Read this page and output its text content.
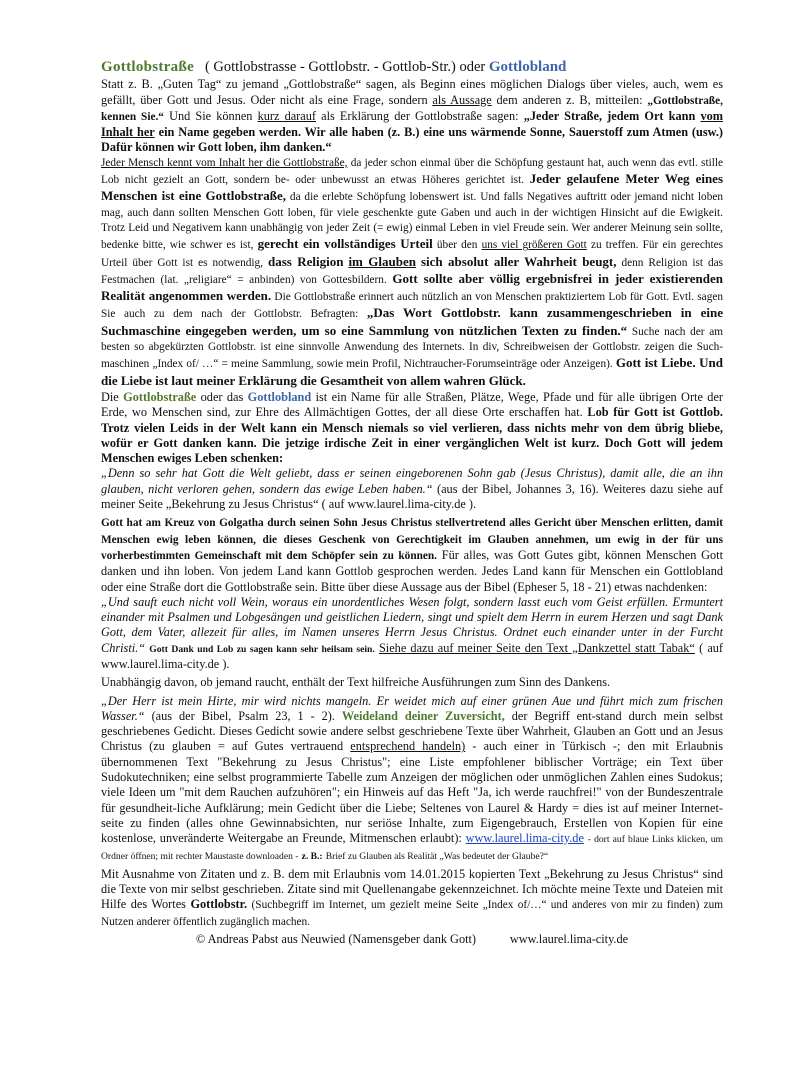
Gottlobstraße ( Gottlobstrasse - Gottlobstr. - Gottlob-Str.) oder Gottlobland

Statt z. B. „Guten Tag“ zu jemand „Gottlobstraße“ sagen, als Beginn eines möglichen Dialogs über vieles, auch, wem es gefällt, über Gott und Jesus. Oder nicht als eine Frage, sondern als Aussage dem anderen z. B, mitteilen: „Gottlobstraße, kennen Sie.“ Und Sie können kurz darauf als Erklärung der Gottlobstraße sagen: „Jeder Straße, jedem Ort kann vom Inhalt her ein Name gegeben werden. Wir alle haben (z. B.) eine uns wärmende Sonne, Sauerstoff zum Atmen (usw.) Dafür können wir Gott loben, ihm danken.“

Jeder Mensch kennt vom Inhalt her die Gottlobstraße, da jeder schon einmal über die Schöpfung gestaunt hat, auch wenn das evtl. stille Lob nicht gezielt an Gott, sondern be- oder unbewusst an etwas Höheres gerichtet ist. Jeder gelaufene Meter Weg eines Menschen ist eine Gottlobstraße, da die erlebte Schöpfung lobenswert ist. Und falls Negatives auftritt oder jemand nicht loben mag, auch dann sollten Menschen Gott loben, für viele geschenkte gute Gaben und auch in der wichtigen Hinsicht auf die Ewigkeit. Trotz Leid und Negativem kann unabhängig von jeder Zeit (= ewig) einmal Leben in viel Freude sein. Wer anderer Meinung sein sollte, bedenke bitte, wie schwer es ist, gerecht ein vollständiges Urteil über den uns viel größeren Gott zu treffen. Für ein gerechtes Urteil über Gott ist es notwendig, dass Religion im Glauben sich absolut aller Wahrheit beugt, denn Religion ist das Festmachen (lat. „religiare“ = anbinden) von Gottesbildern. Gott sollte aber völlig ergebnisfrei in jeder existierenden Realität angenommen werden. Die Gottlobstraße erinnert auch nützlich an von Menschen praktiziertem Lob für Gott. Evtl. sagen Sie auch zu dem nach der Gottlobstr. Befragten: „Das Wort Gottlobstr. kann zusammengeschrieben in eine Suchmaschine eingegeben werden, um so eine Sammlung von nützlichen Texten zu finden.“ Suche nach der am besten so abgekürzten Gottlobstr. ist eine sinnvolle Anwendung des Internets. In div, Schreibweisen der Gottlobstr. zeigen die Such-maschinen „Index of/ …“ = meine Sammlung, sowie mein Profil, Nichtraucher-Forumseinträge oder Anzeigen). Gott ist Liebe. Und die Liebe ist laut meiner Erklärung die Gesamtheit von allem wahren Glück.

Die Gottlobstraße oder das Gottlobland ist ein Name für alle Straßen, Plätze, Wege, Pfade und für alle übrigen Orte der Erde, wo Menschen sind, zur Ehre des Allmächtigen Gottes, der all diese Orte erschaffen hat. Lob für Gott ist Gottlob. Trotz vielen Leids in der Welt kann ein Mensch niemals so viel verlieren, dass nichts mehr von dem übrig bliebe, wofür er Gott danken kann. Die jetzige irdische Zeit in einer vergänglichen Welt ist kurz. Doch Gott will jedem Menschen ewiges Leben schenken:

„Denn so sehr hat Gott die Welt geliebt, dass er seinen eingeborenen Sohn gab (Jesus Christus), damit alle, die an ihn glauben, nicht verloren gehen, sondern das ewige Leben haben.“ (aus der Bibel, Johannes 3, 16). Weiteres dazu siehe auf meiner Seite „Bekehrung zu Jesus Christus“ ( auf www.laurel.lima-city.de ).

Gott hat am Kreuz von Golgatha durch seinen Sohn Jesus Christus stellvertretend alles Gericht über Menschen erlitten, damit Menschen ewig leben können, die dieses Geschenk von Gerechtigkeit im Glauben annehmen, um ewig in der für uns vorherbestimmten Gemeinschaft mit dem Schöpfer sein zu können. Für alles, was Gott Gutes gibt, können Menschen Gott danken und ihn loben. Von jedem Land kann Gottlob gesprochen werden. Jedes Land kann für Menschen ein Gottlobland oder eine Straße dort die Gottlobstraße sein. Bitte über diese Aussage aus der Bibel (Epheser 5, 18 - 21) etwas nachdenken:

„Und sauft euch nicht voll Wein, woraus ein unordentliches Wesen folgt, sondern lasst euch vom Geist erfüllen. Ermuntert einander mit Psalmen und Lobgesängen und geistlichen Liedern, singt und spielt dem Herrn in eurem Herzen und sagt Dank Gott, dem Vater, allezeit für alles, im Namen unseres Herrn Jesus Christus. Ordnet euch einander unter in der Furcht Christi.“ Gott Dank und Lob zu sagen kann sehr heilsam sein. Siehe dazu auf meiner Seite den Text „Dankzettel statt Tabak“ ( auf www.laurel.lima-city.de ).

Unabhängig davon, ob jemand raucht, enthält der Text hilfreiche Ausführungen zum Sinn des Dankens.

„Der Herr ist mein Hirte, mir wird nichts mangeln. Er weidet mich auf einer grünen Aue und führt mich zum frischen Wasser.“ (aus der Bibel, Psalm 23, 1 - 2). Weideland deiner Zuversicht, der Begriff ent-stand durch mein selbst geschriebenes Gedicht. Dieses Gedicht sowie andere selbst geschriebene Texte über Wahrheit, Glauben an Gott und an Jesus Christus (zu glauben = auf Gutes vertrauend entsprechend handeln) - auch einer in Türkisch -; den mit Erlaubnis übernommenen Text "Bekehrung zu Jesus Christus"; eine Liste empfohlener biblischer Vorträge; ein Text über Sudokutechniken; eine selbst programmierte Tabelle zum Anzeigen der möglichen oder unmöglichen Zahlen eines Sudokus; viele Ideen um "mit dem Rauchen aufzuhören"; ein Hinweis auf das Heft "Ja, ich werde rauchfrei!" von der Bundeszentrale für gesundheit-liche Aufklärung; mein Gedicht über die Liebe; Seltenes von Laurel & Hardy = dies ist auf meiner Internet-seite zu finden (alles ohne Gewinnabsichten, nur seriöse Inhalte, zum Eigengebrauch, Erstellen von Kopien für eine kostenlose, unveränderte Weitergabe an Freunde, Mitmenschen erlaubt): www.laurel.lima-city.de - dort auf blaue Links klicken, um Ordner öffnen; mit rechter Maustaste downloaden - z. B.: Brief zu Glauben als Realität „Was bedeutet der Glaube?“

Mit Ausnahme von Zitaten und z. B. dem mit Erlaubnis vom 14.01.2015 kopierten Text „Bekehrung zu Jesus Christus“ sind die Texte von mir selbst geschrieben. Zitate sind mit Quellenangabe gekennzeichnet. Ich möchte meine Texte und Dateien mit Hilfe des Wortes Gottlobstr. (Suchbegriff im Internet, um gezielt meine Seite „Index of/…“ und anderes von mir zu finden) zum Nutzen anderer öffentlich zugänglich machen.

© Andreas Pabst aus Neuwied (Namensgeber dank Gott)	www.laurel.lima-city.de
